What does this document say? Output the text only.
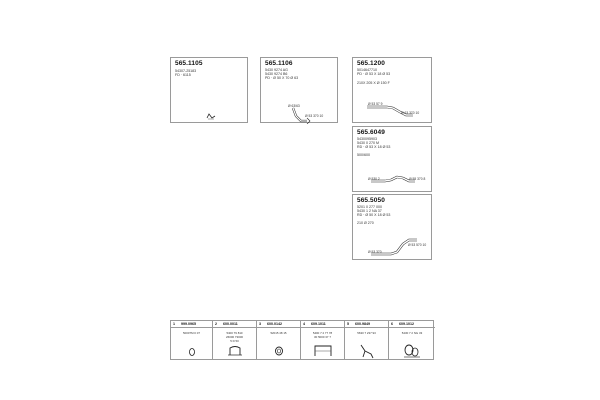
565.1105
54307-25183
FD · 6115
565.1106
5430 9274 AG
5430 9274 B6
PD · Ø 50 X 70 Ø 63
Ø 63/63
Ø 53 370 10
565.1200
5014647710
PD · Ø 53 X 18 Ø 53
210X 205 X Ø 150 F
Ø 53 57 9
Ø 63 370 10
565.6049
5430095903
5430 0 270 M
RD · Ø 53 X 18 Ø 53
500/600
Ø 530 2	Ø 55 370 8
565.5050
5201 0 277 000
5430 1 2 NA 37
RD · Ø 50 X 18 Ø 53
210 Ø 270
Ø 53 370
Ø 53 570 10
1 999.0965
50007M 0 07
2 600.0011
5400 79 810
26000 73000
5 D 50
3 600.0142
52015 48 15
4 609.1011
5400 7 2 77 78
30 5000 37 7
5 600.9849
5630 7 237 93
6 609.1012
5430 7 2 NG 33
